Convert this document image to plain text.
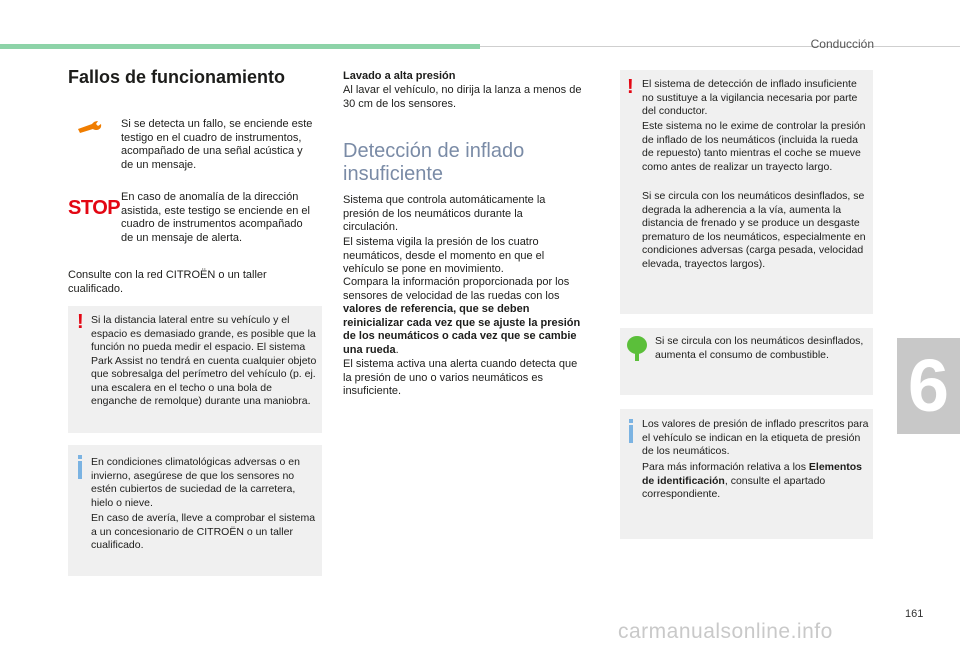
Conducción
6
161
carmanualsonline.info
Fallos de funcionamiento
Si se detecta un fallo, se enciende este testigo en el cuadro de instrumentos, acompañado de una señal acústica y de un mensaje.
STOP En caso de anomalía de la dirección asistida, este testigo se enciende en el cuadro de instrumentos acompañado de un mensaje de alerta.
Consulte con la red CITROËN o un taller cualificado.
! Si la distancia lateral entre su vehículo y el espacio es demasiado grande, es posible que la función no pueda medir el espacio. El sistema Park Assist no tendrá en cuenta cualquier objeto que sobresalga del perímetro del vehículo (p. ej. una escalera en el techo o una bola de enganche de remolque) durante una maniobra.
En condiciones climatológicas adversas o en invierno, asegúrese de que los sensores no estén cubiertos de suciedad de la carretera, hielo o nieve.
En caso de avería, lleve a comprobar el sistema a un concesionario de CITROËN o un taller cualificado.
Lavado a alta presión
Al lavar el vehículo, no dirija la lanza a menos de 30 cm de los sensores.
Detección de inflado
insuficiente
Sistema que controla automáticamente la presión de los neumáticos durante la circulación.
El sistema vigila la presión de los cuatro neumáticos, desde el momento en que el vehículo se pone en movimiento.
Compara la información proporcionada por los sensores de velocidad de las ruedas con los valores de referencia, que se deben reinicializar cada vez que se ajuste la presión de los neumáticos o cada vez que se cambie una rueda.
El sistema activa una alerta cuando detecta que la presión de uno o varios neumáticos es insuficiente.
! El sistema de detección de inflado insuficiente no sustituye a la vigilancia necesaria por parte del conductor.
Este sistema no le exime de controlar la presión de inflado de los neumáticos (incluida la rueda de repuesto) tanto mientras el coche se mueve como antes de realizar un trayecto largo.
Si se circula con los neumáticos desinflados, se degrada la adherencia a la vía, aumenta la distancia de frenado y se produce un desgaste prematuro de los neumáticos, especialmente en condiciones adversas (carga pesada, velocidad elevada, trayectos largos).
Si se circula con los neumáticos desinflados, aumenta el consumo de combustible.
Los valores de presión de inflado prescritos para el vehículo se indican en la etiqueta de presión de los neumáticos.
Para más información relativa a los Elementos de identificación, consulte el apartado correspondiente.
